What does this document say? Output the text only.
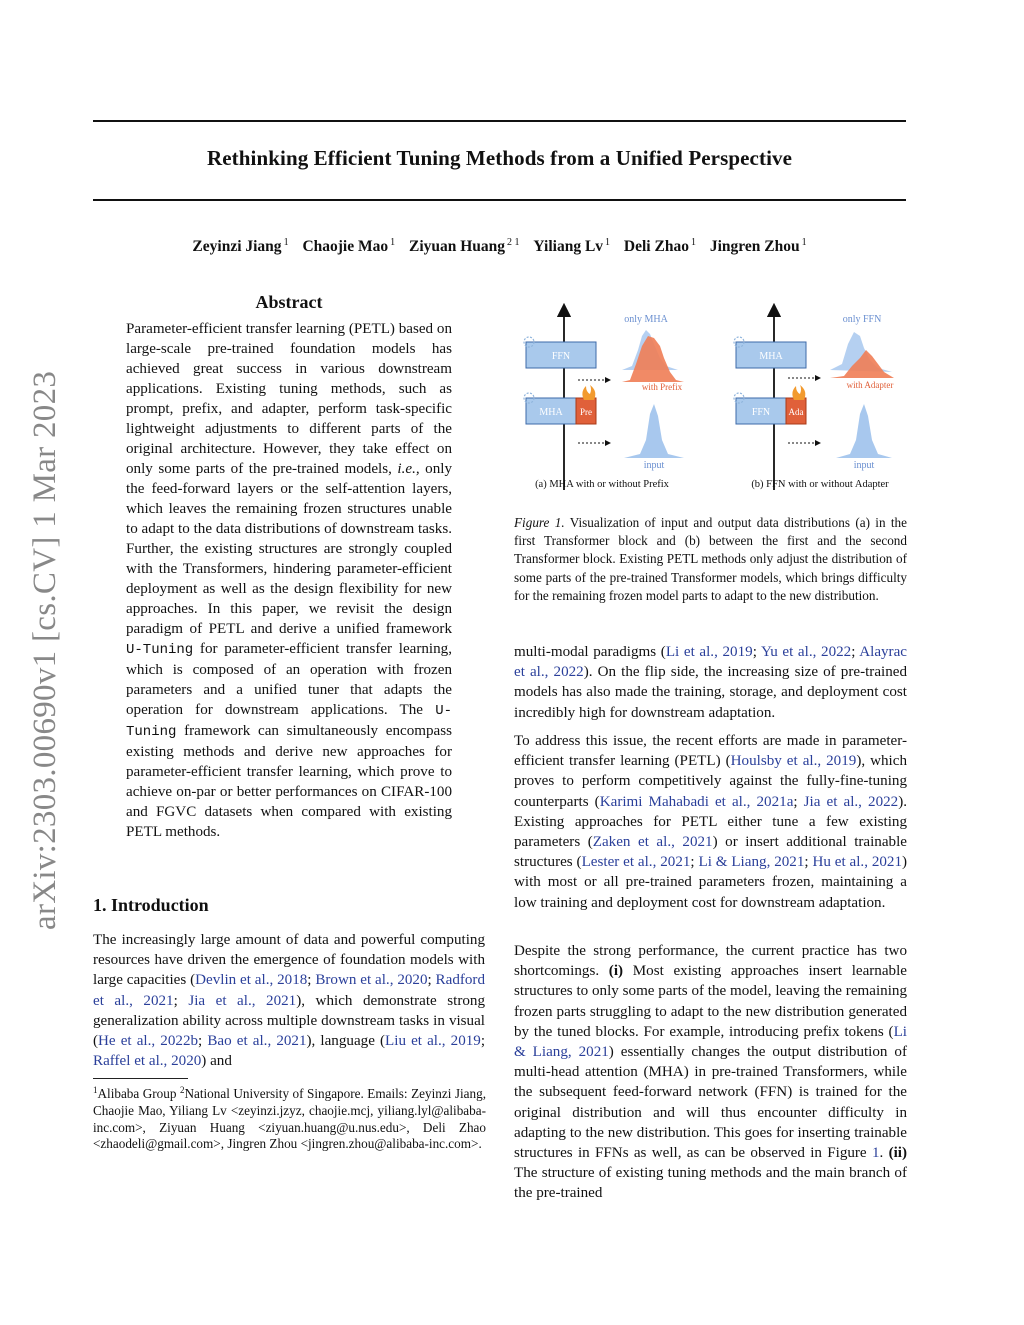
arXiv:2303.00690v1 [cs.CV] 1 Mar 2023
Rethinking Efficient Tuning Methods from a Unified Perspective
Zeyinzi Jiang $^1$ Chaojie Mao $^1$ Ziyuan Huang $^{2 1}$ Yiliang Lv $^1$ Deli Zhao $^1$ Jingren Zhou $^1$
Abstract
Parameter-efficient transfer learning (PETL) based on large-scale pre-trained foundation models has achieved great success in various downstream applications. Existing tuning methods, such as prompt, prefix, and adapter, perform task-specific lightweight adjustments to different parts of the original architecture. However, they take effect on only some parts of the pre-trained models, i.e., only the feed-forward layers or the self-attention layers, which leaves the remaining frozen structures unable to adapt to the data distributions of downstream tasks. Further, the existing structures are strongly coupled with the Transformers, hindering parameter-efficient deployment as well as the design flexibility for new approaches. In this paper, we revisit the design paradigm of PETL and derive a unified framework U-Tuning for parameter-efficient transfer learning, which is composed of an operation with frozen parameters and a unified tuner that adapts the operation for downstream applications. The U-Tuning framework can simultaneously encompass existing methods and derive new approaches for parameter-efficient transfer learning, which prove to achieve on-par or better performances on CIFAR-100 and FGVC datasets when compared with existing PETL methods.
1. Introduction
The increasingly large amount of data and powerful computing resources have driven the emergence of foundation models with large capacities (Devlin et al., 2018; Brown et al., 2020; Radford et al., 2021; Jia et al., 2021), which demonstrate strong generalization ability across multiple downstream tasks in visual (He et al., 2022b; Bao et al., 2021), language (Liu et al., 2019; Raffel et al., 2020) and
$^1$Alibaba Group $^2$National University of Singapore. Emails: Zeyinzi Jiang, Chaojie Mao, Yiliang Lv <zeyinzi.jzyz, chaojie.mcj, yiliang.lyl@alibaba-inc.com>, Ziyuan Huang <ziyuan.huang@u.nus.edu>, Deli Zhao <zhaodeli@gmail.com>, Jingren Zhou <jingren.zhou@alibaba-inc.com>.
FFN
MHA Pre
only MHA
with Prefix
input
(a) MHA with or without Prefix
MHA
FFN Ada
only FFN
with Adapter
input
(b) FFN with or without Adapter
Figure 1. Visualization of input and output data distributions (a) in the first Transformer block and (b) between the first and the second Transformer block. Existing PETL methods only adjust the distribution of some parts of the pre-trained Transformer models, which brings difficulty for the remaining frozen model parts to adapt to the new distribution.
multi-modal paradigms (Li et al., 2019; Yu et al., 2022; Alayrac et al., 2022). On the flip side, the increasing size of pre-trained models has also made the training, storage, and deployment cost incredibly high for downstream adaptation.
To address this issue, the recent efforts are made in parameter-efficient transfer learning (PETL) (Houlsby et al., 2019), which proves to perform competitively against the fully-fine-tuning counterparts (Karimi Mahabadi et al., 2021a; Jia et al., 2022). Existing approaches for PETL either tune a few existing parameters (Zaken et al., 2021) or insert additional trainable structures (Lester et al., 2021; Li & Liang, 2021; Hu et al., 2021) with most or all pre-trained parameters frozen, maintaining a low training and deployment cost for downstream adaptation.
Despite the strong performance, the current practice has two shortcomings. (i) Most existing approaches insert learnable structures to only some parts of the model, leaving the remaining frozen parts struggling to adapt to the new distribution generated by the tuned blocks. For example, introducing prefix tokens (Li & Liang, 2021) essentially changes the output distribution of multi-head attention (MHA) in pre-trained Transformers, while the subsequent feed-forward network (FFN) is trained for the original distribution and will thus encounter difficulty in adapting to the new distribution. This goes for inserting trainable structures in FFNs as well, as can be observed in Figure 1. (ii) The structure of existing tuning methods and the main branch of the pre-trained
